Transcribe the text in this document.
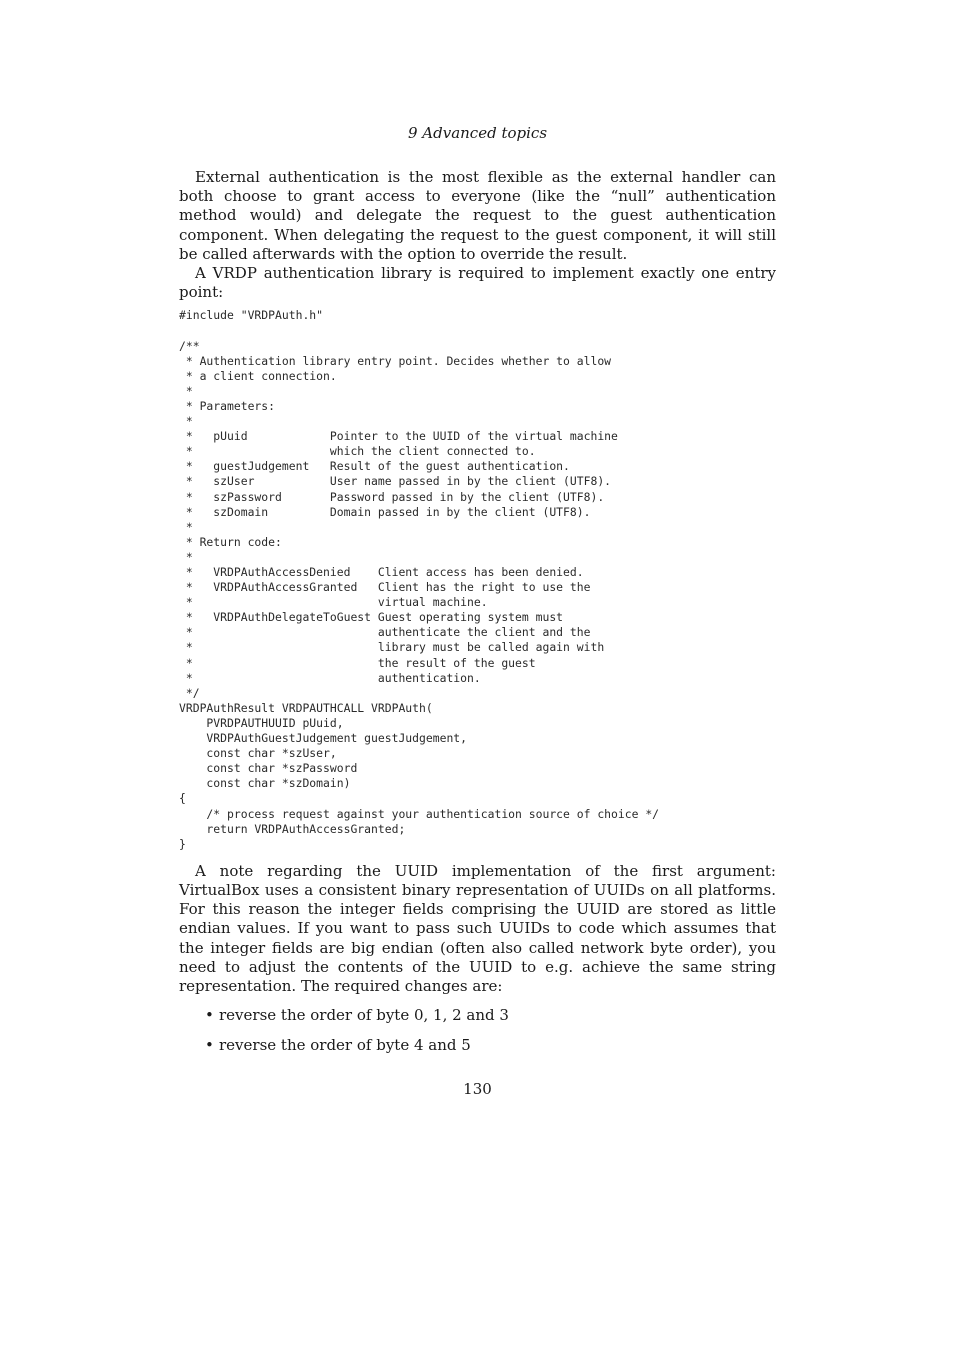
9 Advanced topics

External authentication is the most flexible as the external handler can both choose to grant access to everyone (like the “null” authentication method would) and delegate the request to the guest authentication component. When delegating the request to the guest component, it will still be called afterwards with the option to override the result.

A VRDP authentication library is required to implement exactly one entry point:

#include "VRDPAuth.h"

/**
* Authentication library entry point. Decides whether to allow
* a client connection.
*
* Parameters:
*
*   pUuid            Pointer to the UUID of the virtual machine
*                    which the client connected to.
*   guestJudgement   Result of the guest authentication.
*   szUser           User name passed in by the client (UTF8).
*   szPassword       Password passed in by the client (UTF8).
*   szDomain         Domain passed in by the client (UTF8).
*
* Return code:
*
*   VRDPAuthAccessDenied    Client access has been denied.
*   VRDPAuthAccessGranted   Client has the right to use the
*                           virtual machine.
*   VRDPAuthDelegateToGuest Guest operating system must
*                           authenticate the client and the
*                           library must be called again with
*                           the result of the guest
*                           authentication.
*/
VRDPAuthResult VRDPAUTHCALL VRDPAuth(
PVRDPAUTHUUID pUuid,
VRDPAuthGuestJudgement guestJudgement,
const char *szUser,
const char *szPassword
const char *szDomain)
{
/* process request against your authentication source of choice */
return VRDPAuthAccessGranted;
}

A note regarding the UUID implementation of the first argument: VirtualBox uses a consistent binary representation of UUIDs on all platforms. For this reason the integer fields comprising the UUID are stored as little endian values. If you want to pass such UUIDs to code which assumes that the integer fields are big endian (often also called network byte order), you need to adjust the contents of the UUID to e.g. achieve the same string representation. The required changes are:

• reverse the order of byte 0, 1, 2 and 3
• reverse the order of byte 4 and 5
130
